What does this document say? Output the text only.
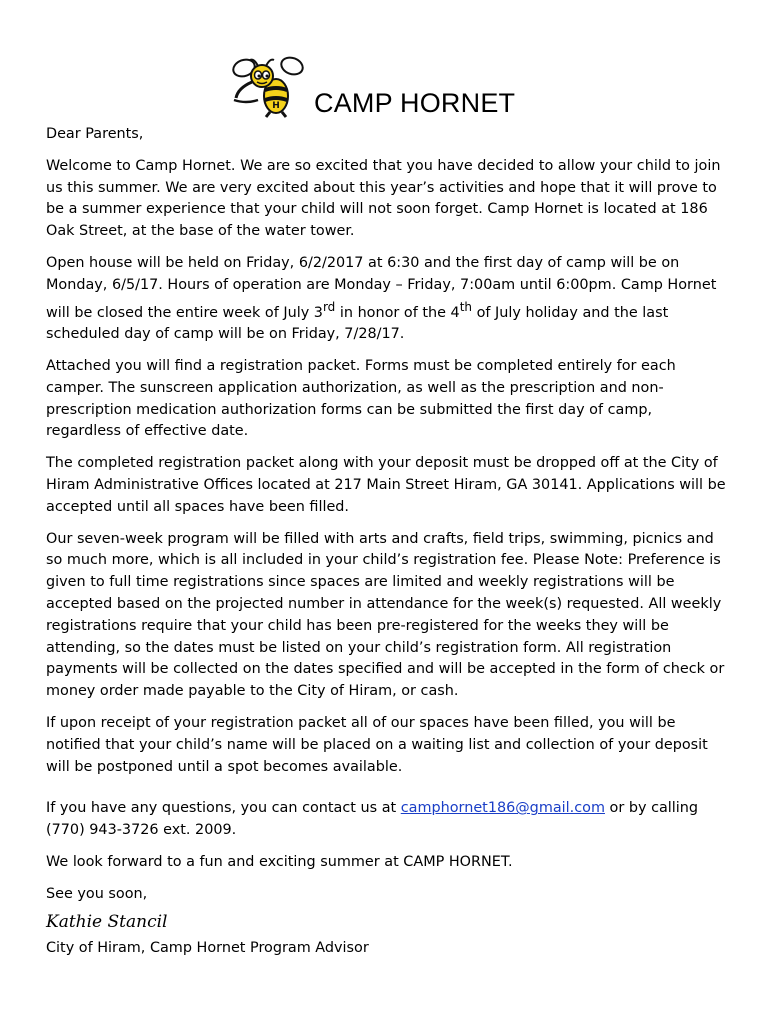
H CAMP HORNET

Dear Parents,

Welcome to Camp Hornet. We are so excited that you have decided to allow your child to join us this summer. We are very excited about this year’s activities and hope that it will prove to be a summer experience that your child will not soon forget. Camp Hornet is located at 186 Oak Street, at the base of the water tower.

Open house will be held on Friday, 6/2/2017 at 6:30 and the first day of camp will be on Monday, 6/5/17. Hours of operation are Monday – Friday, 7:00am until 6:00pm. Camp Hornet will be closed the entire week of July 3rd in honor of the 4th of July holiday and the last scheduled day of camp will be on Friday, 7/28/17.

Attached you will find a registration packet. Forms must be completed entirely for each camper. The sunscreen application authorization, as well as the prescription and non-prescription medication authorization forms can be submitted the first day of camp, regardless of effective date.

The completed registration packet along with your deposit must be dropped off at the City of Hiram Administrative Offices located at 217 Main Street Hiram, GA 30141. Applications will be accepted until all spaces have been filled.

Our seven-week program will be filled with arts and crafts, field trips, swimming, picnics and so much more, which is all included in your child’s registration fee. Please Note: Preference is given to full time registrations since spaces are limited and weekly registrations will be accepted based on the projected number in attendance for the week(s) requested. All weekly registrations require that your child has been pre-registered for the weeks they will be attending, so the dates must be listed on your child’s registration form. All registration payments will be collected on the dates specified and will be accepted in the form of check or money order made payable to the City of Hiram, or cash.

If upon receipt of your registration packet all of our spaces have been filled, you will be notified that your child’s name will be placed on a waiting list and collection of your deposit will be postponed until a spot becomes available.

If you have any questions, you can contact us at camphornet186@gmail.com or by calling (770) 943-3726 ext. 2009.

We look forward to a fun and exciting summer at CAMP HORNET.

See you soon,

Kathie Stancil

City of Hiram, Camp Hornet Program Advisor
